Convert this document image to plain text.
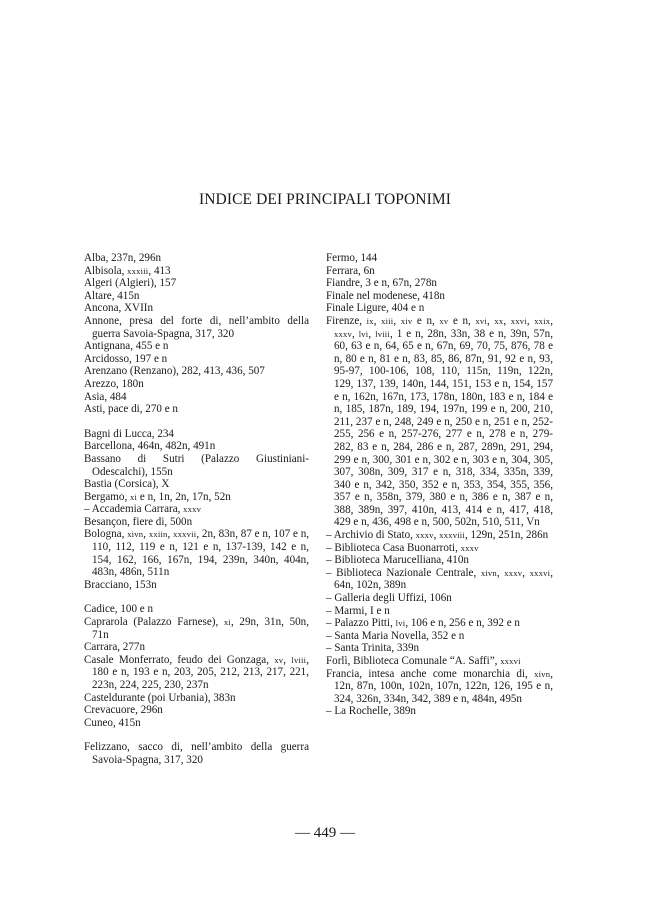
INDICE DEI PRINCIPALI TOPONIMI
Alba, 237n, 296n
Albisola, xxxiii, 413
Algeri (Algieri), 157
Altare, 415n
Ancona, XVIIn
Annone, presa del forte di, nell’ambito della guerra Savoia-Spagna, 317, 320
Antignana, 455 e n
Arcidosso, 197 e n
Arenzano (Renzano), 282, 413, 436, 507
Arezzo, 180n
Asia, 484
Asti, pace di, 270 e n
Bagni di Lucca, 234
Barcellona, 464n, 482n, 491n
Bassano di Sutri (Palazzo Giustiniani-Odescalchi), 155n
Bastia (Corsica), X
Bergamo, xi e n, 1n, 2n, 17n, 52n
– Accademia Carrara, xxxv
Besançon, fiere di, 500n
Bologna, xivn, xxiin, xxxvii, 2n, 83n, 87 e n, 107 e n, 110, 112, 119 e n, 121 e n, 137-139, 142 e n, 154, 162, 166, 167n, 194, 239n, 340n, 404n, 483n, 486n, 511n
Bracciano, 153n
Cadice, 100 e n
Caprarola (Palazzo Farnese), xi, 29n, 31n, 50n, 71n
Carrara, 277n
Casale Monferrato, feudo dei Gonzaga, xv, lviii, 180 e n, 193 e n, 203, 205, 212, 213, 217, 221, 223n, 224, 225, 230, 237n
Casteldurante (poi Urbania), 383n
Crevacuore, 296n
Cuneo, 415n
Felizzano, sacco di, nell’ambito della guerra Savoia-Spagna, 317, 320
Fermo, 144
Ferrara, 6n
Fiandre, 3 e n, 67n, 278n
Finale nel modenese, 418n
Finale Ligure, 404 e n
Firenze, ix, xiii, xiv e n, xv e n, xvi, xx, xxvi, xxix, xxxv, lvi, lviii, 1 e n, 28n, 33n, 38 e n, 39n, 57n, 60, 63 e n, 64, 65 e n, 67n, 69, 70, 75, 876, 78 e n, 80 e n, 81 e n, 83, 85, 86, 87n, 91, 92 e n, 93, 95-97, 100-106, 108, 110, 115n, 119n, 122n, 129, 137, 139, 140n, 144, 151, 153 e n, 154, 157 e n, 162n, 167n, 173, 178n, 180n, 183 e n, 184 e n, 185, 187n, 189, 194, 197n, 199 e n, 200, 210, 211, 237 e n, 248, 249 e n, 250 e n, 251 e n, 252-255, 256 e n, 257-276, 277 e n, 278 e n, 279-282, 83 e n, 284, 286 e n, 287, 289n, 291, 294, 299 e n, 300, 301 e n, 302 e n, 303 e n, 304, 305, 307, 308n, 309, 317 e n, 318, 334, 335n, 339, 340 e n, 342, 350, 352 e n, 353, 354, 355, 356, 357 e n, 358n, 379, 380 e n, 386 e n, 387 e n, 388, 389n, 397, 410n, 413, 414 e n, 417, 418, 429 e n, 436, 498 e n, 500, 502n, 510, 511, Vn
– Archivio di Stato, xxxv, xxxviii, 129n, 251n, 286n
– Biblioteca Casa Buonarroti, xxxv
– Biblioteca Marucelliana, 410n
– Biblioteca Nazionale Centrale, xivn, xxxv, xxxvi, 64n, 102n, 389n
– Galleria degli Uffizi, 106n
– Marmi, I e n
– Palazzo Pitti, lvi, 106 e n, 256 e n, 392 e n
– Santa Maria Novella, 352 e n
– Santa Trinita, 339n
Forlì, Biblioteca Comunale “A. Saffi”, xxxvi
Francia, intesa anche come monarchia di, xivn, 12n, 87n, 100n, 102n, 107n, 122n, 126, 195 e n, 324, 326n, 334n, 342, 389 e n, 484n, 495n
– La Rochelle, 389n
— 449 —
